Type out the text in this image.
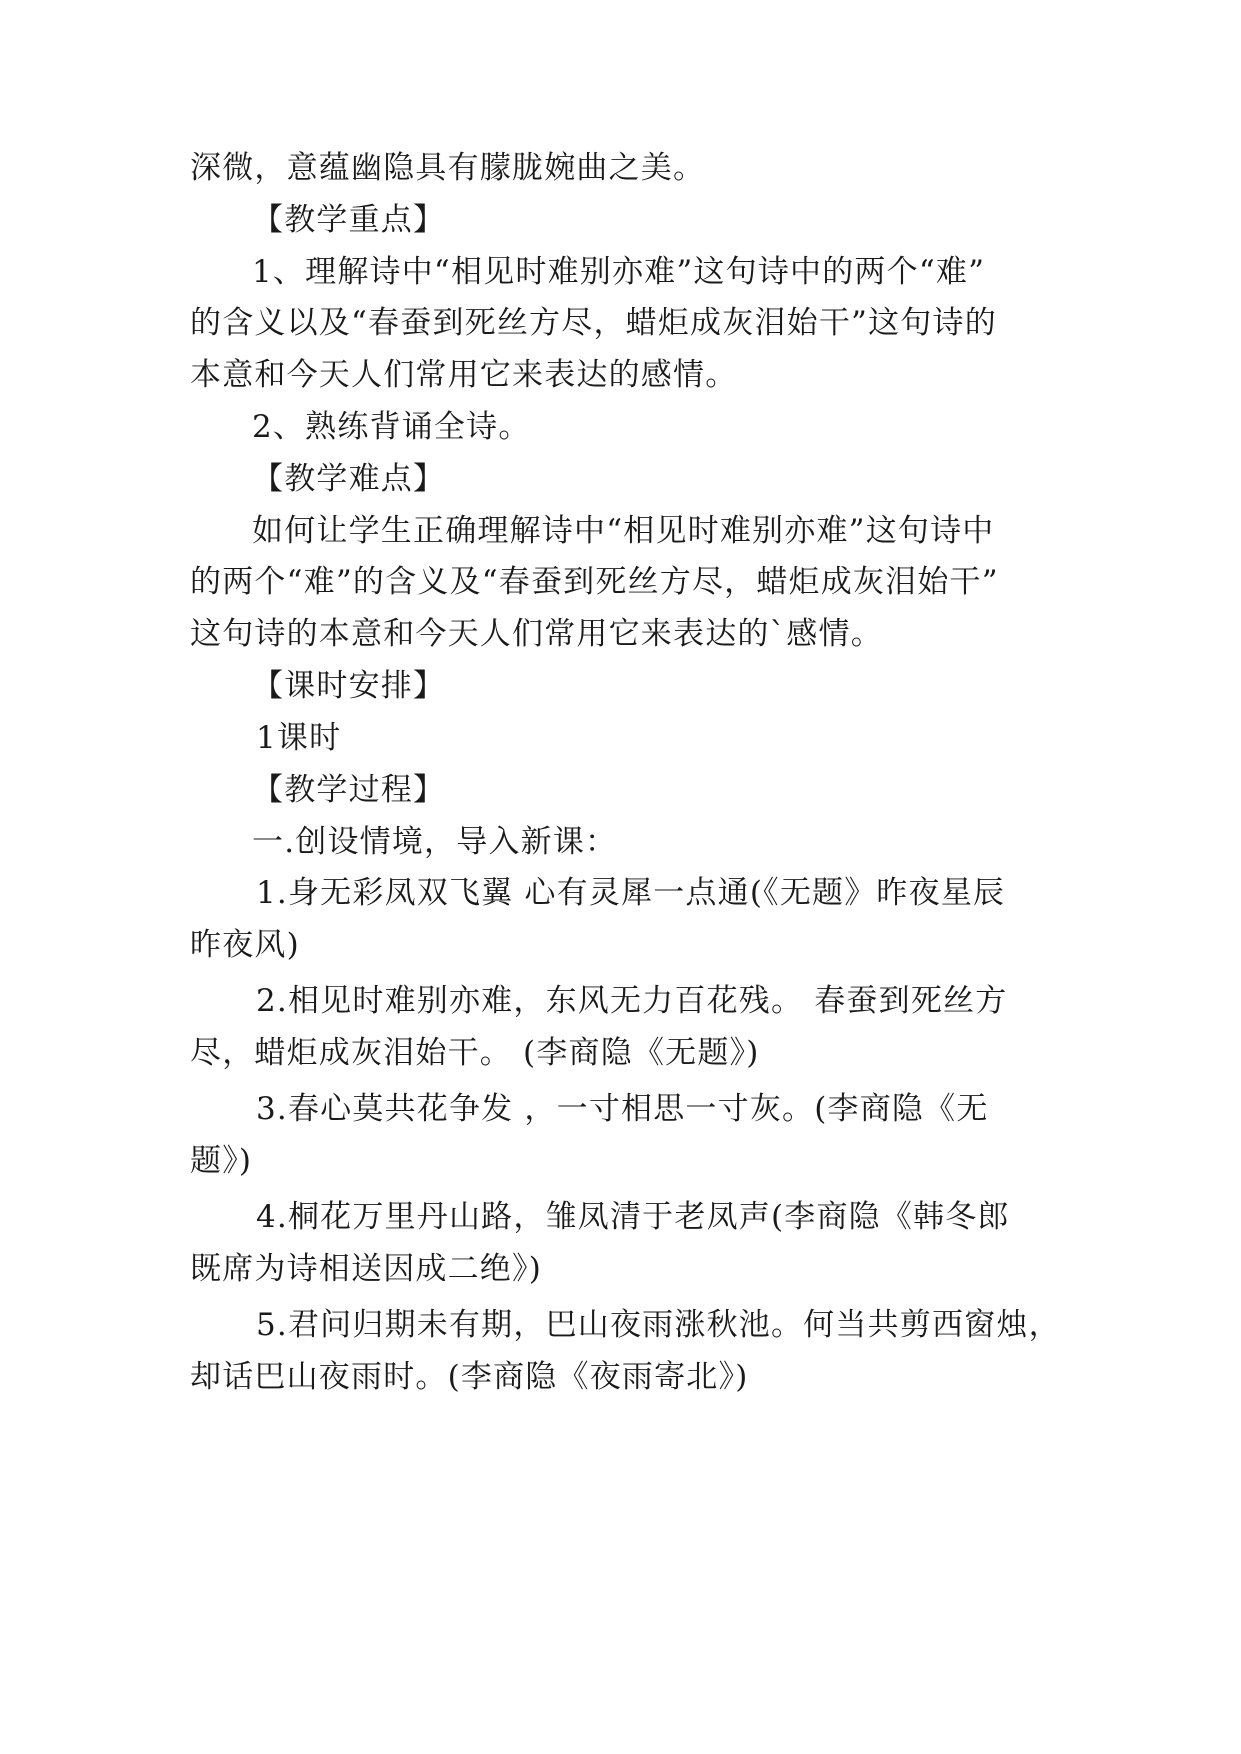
深微，意蕴幽隐具有朦胧婉曲之美。
【教学重点】
1、理解诗中“相见时难别亦难”这句诗中的两个“难”
的含义以及“春蚕到死丝方尽，蜡炬成灰泪始干”这句诗的
本意和今天人们常用它来表达的感情。
2、熟练背诵全诗。
【教学难点】
如何让学生正确理解诗中“相见时难别亦难”这句诗中
的两个“难”的含义及“春蚕到死丝方尽，蜡炬成灰泪始干”
这句诗的本意和今天人们常用它来表达的`感情。
【课时安排】
1课时
【教学过程】
一.创设情境，导入新课：
1.身无彩凤双飞翼 心有灵犀一点通(《无题》昨夜星辰
昨夜风)
2.相见时难别亦难，东风无力百花残。 春蚕到死丝方
尽，蜡炬成灰泪始干。 (李商隐《无题》)
3.春心莫共花争发 ，一寸相思一寸灰。(李商隐《无
题》)
4.桐花万里丹山路，雏凤清于老凤声(李商隐《韩冬郎
既席为诗相送因成二绝》)
5.君问归期未有期，巴山夜雨涨秋池。何当共剪西窗烛，
却话巴山夜雨时。(李商隐《夜雨寄北》)
